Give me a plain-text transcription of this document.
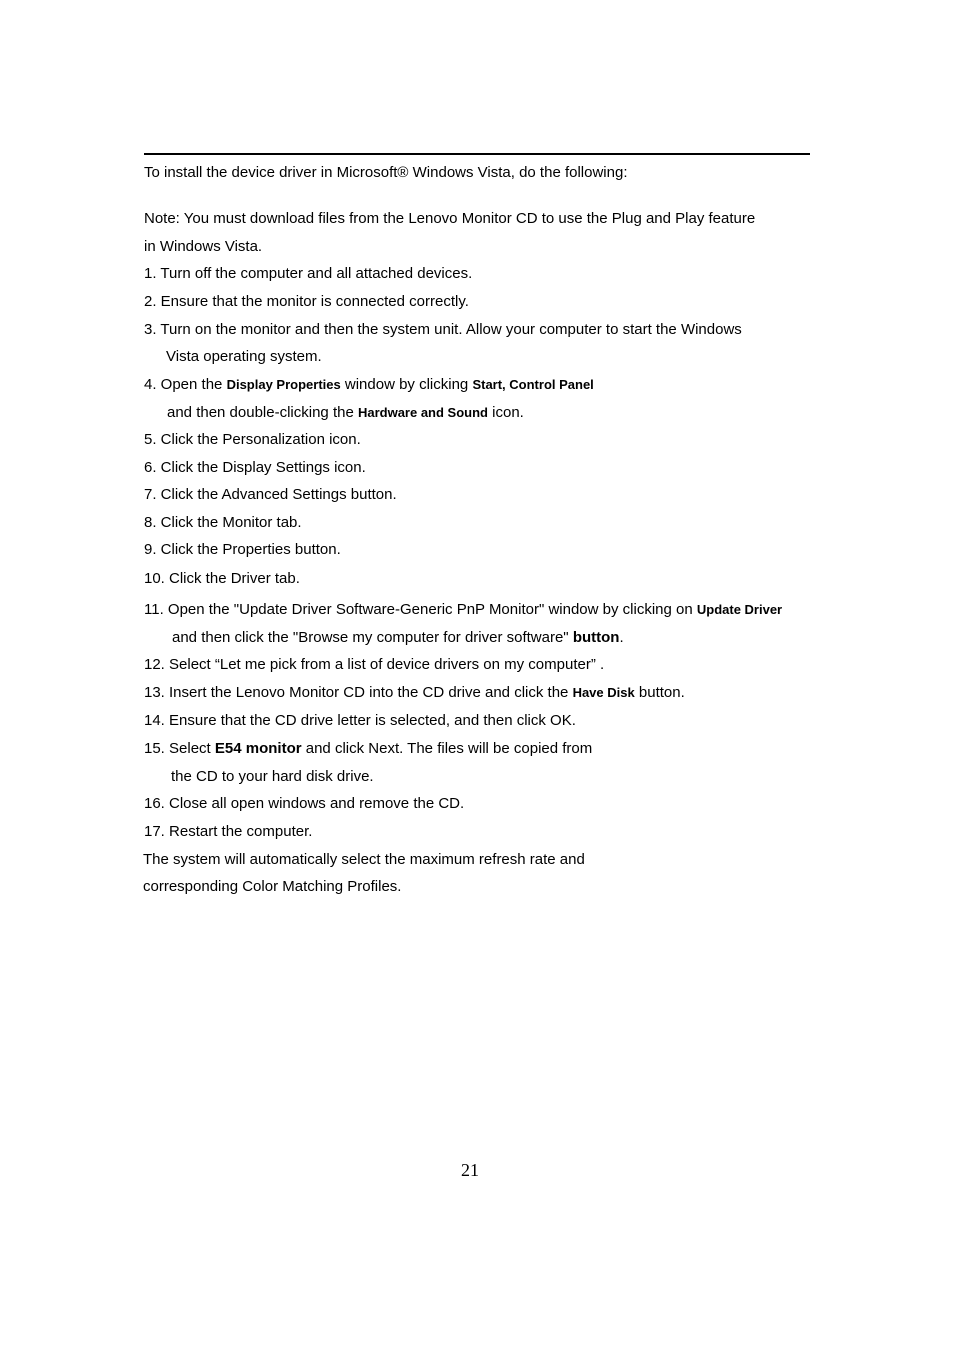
To install the device driver in Microsoft® Windows Vista, do the following:
Note: You must download files from the Lenovo Monitor CD to use the Plug and Play feature
in Windows Vista.
1. Turn off the computer and all attached devices.
2. Ensure that the monitor is connected correctly.
3. Turn on the monitor and then the system unit. Allow your computer to start the Windows
Vista operating system.
4. Open the Display Properties window by clicking Start, Control Panel
and then double-clicking the Hardware and Sound icon.
5. Click the Personalization icon.
6. Click the Display Settings icon.
7. Click the Advanced Settings button.
8. Click the Monitor tab.
9. Click the Properties button.
10. Click the Driver tab.
11. Open the "Update Driver Software-Generic PnP Monitor" window by clicking on Update Driver
and then click the "Browse my computer for driver software" button.
12. Select “Let me pick from a list of device drivers on my computer” .
13. Insert the Lenovo Monitor CD into the CD drive and click the Have Disk button.
14. Ensure that the CD drive letter is selected, and then click OK.
15. Select E54 monitor and click Next. The files will be copied from
the CD to your hard disk drive.
16. Close all open windows and remove the CD.
17. Restart the computer.
The system will automatically select the maximum refresh rate and
corresponding Color Matching Profiles.
21
